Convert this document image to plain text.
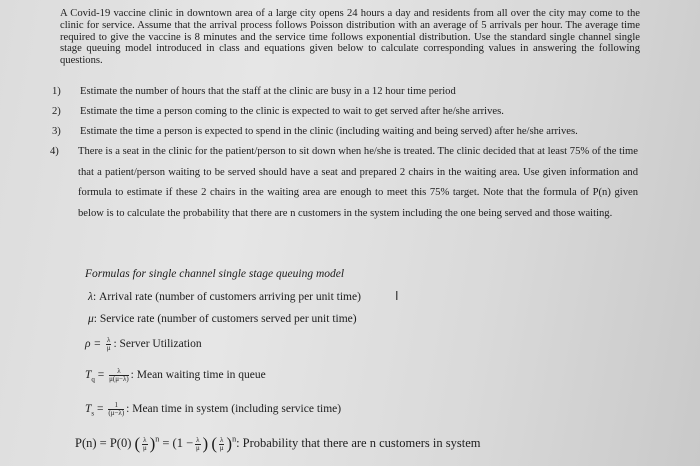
A Covid-19 vaccine clinic in downtown area of a large city opens 24 hours a day and residents from all over the city may come to the clinic for service. Assume that the arrival process follows Poisson distribution with an average of 5 arrivals per hour. The average time required to give the vaccine is 8 minutes and the service time follows exponential distribution. Use the standard single channel single stage queuing model introduced in class and equations given below to calculate corresponding values in answering the following questions.

1) Estimate the number of hours that the staff at the clinic are busy in a 12 hour time period
2) Estimate the time a person coming to the clinic is expected to wait to get served after he/she arrives.
3) Estimate the time a person is expected to spend in the clinic (including waiting and being served) after he/she arrives.
4) There is a seat in the clinic for the patient/person to sit down when he/she is treated. The clinic decided that at least 75% of the time that a patient/person waiting to be served should have a seat and prepared 2 chairs in the waiting area. Use given information and formula to estimate if these 2 chairs in the waiting area are enough to meet this 75% target. Note that the formula of P(n) given below is to calculate the probability that there are n customers in the system including the one being served and those waiting.

Formulas for single channel single stage queuing model

λ: Arrival rate (number of customers arriving per unit time)

μ: Service rate (number of customers served per unit time)

$\rho = \frac{\lambda}{\mu}$ : Server Utilization

$T_q = \frac{\lambda}{\mu(\mu-\lambda)}$ : Mean waiting time in queue

$T_s = \frac{1}{(\mu-\lambda)}$ : Mean time in system (including service time)

P(n) = P(0) ( $\frac{\lambda}{\mu} )^n = (1 - \frac{\lambda}{\mu}$ ) ( $\frac{\lambda}{\mu} )^n$: Probability that there are n customers in system

I
